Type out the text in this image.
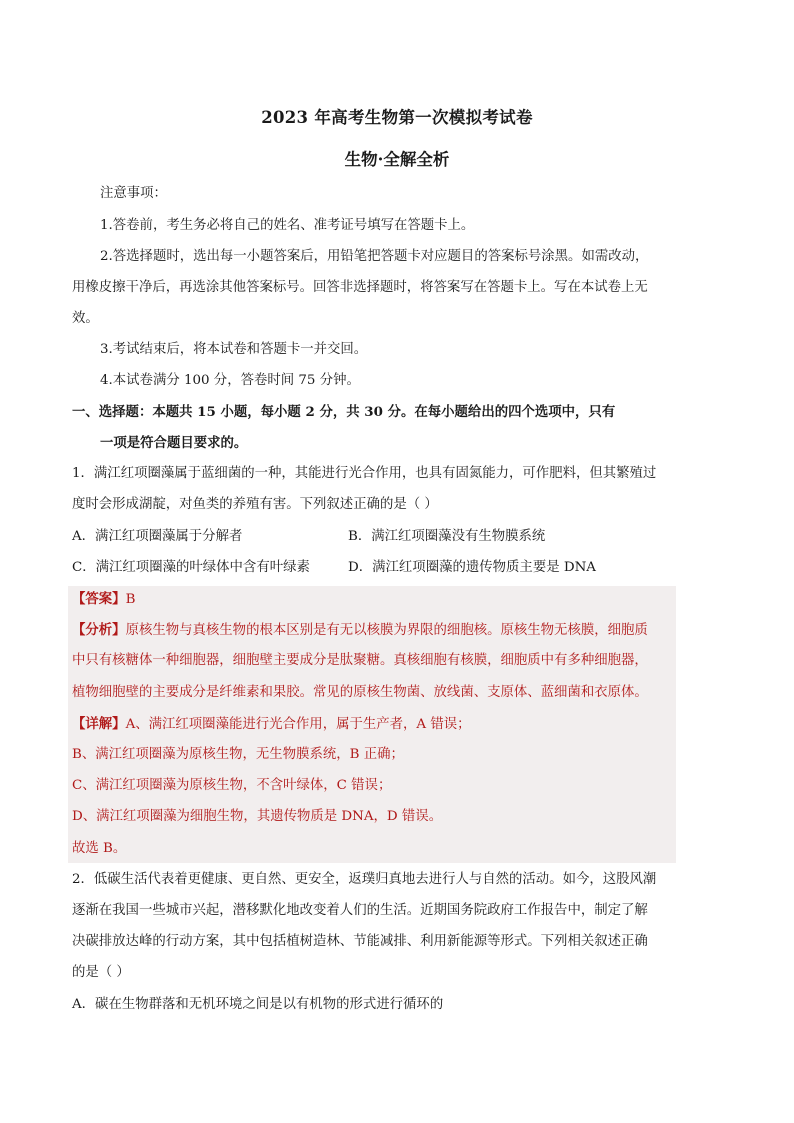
2023 年高考生物第一次模拟考试卷
生物·全解全析
注意事项：
1.答卷前，考生务必将自己的姓名、准考证号填写在答题卡上。
2.答选择题时，选出每一小题答案后，用铅笔把答题卡对应题目的答案标号涂黑。如需改动，
用橡皮擦干净后，再选涂其他答案标号。回答非选择题时，将答案写在答题卡上。写在本试卷上无
效。
3.考试结束后，将本试卷和答题卡一并交回。
4.本试卷满分 100 分，答卷时间 75 分钟。
一、选择题：本题共 15 小题，每小题 2 分，共 30 分。在每小题给出的四个选项中，只有
一项是符合题目要求的。
1．满江红项圈藻属于蓝细菌的一种，其能进行光合作用，也具有固氮能力，可作肥料，但其繁殖过
度时会形成湖靛，对鱼类的养殖有害。下列叙述正确的是（ ）
A．满江红项圈藻属于分解者	B．满江红项圈藻没有生物膜系统
C．满江红项圈藻的叶绿体中含有叶绿素	D．满江红项圈藻的遗传物质主要是 DNA
【答案】B
【分析】原核生物与真核生物的根本区别是有无以核膜为界限的细胞核。原核生物无核膜，细胞质
中只有核糖体一种细胞器，细胞壁主要成分是肽聚糖。真核细胞有核膜，细胞质中有多种细胞器，
植物细胞壁的主要成分是纤维素和果胶。常见的原核生物菌、放线菌、支原体、蓝细菌和衣原体。
【详解】A、满江红项圈藻能进行光合作用，属于生产者，A 错误；
B、满江红项圈藻为原核生物，无生物膜系统，B 正确；
C、满江红项圈藻为原核生物，不含叶绿体，C 错误；
D、满江红项圈藻为细胞生物，其遗传物质是 DNA，D 错误。
故选 B。
2．低碳生活代表着更健康、更自然、更安全，返璞归真地去进行人与自然的活动。如今，这股风潮
逐渐在我国一些城市兴起，潜移默化地改变着人们的生活。近期国务院政府工作报告中，制定了解
决碳排放达峰的行动方案，其中包括植树造林、节能减排、利用新能源等形式。下列相关叙述正确
的是（ ）
A．碳在生物群落和无机环境之间是以有机物的形式进行循环的
